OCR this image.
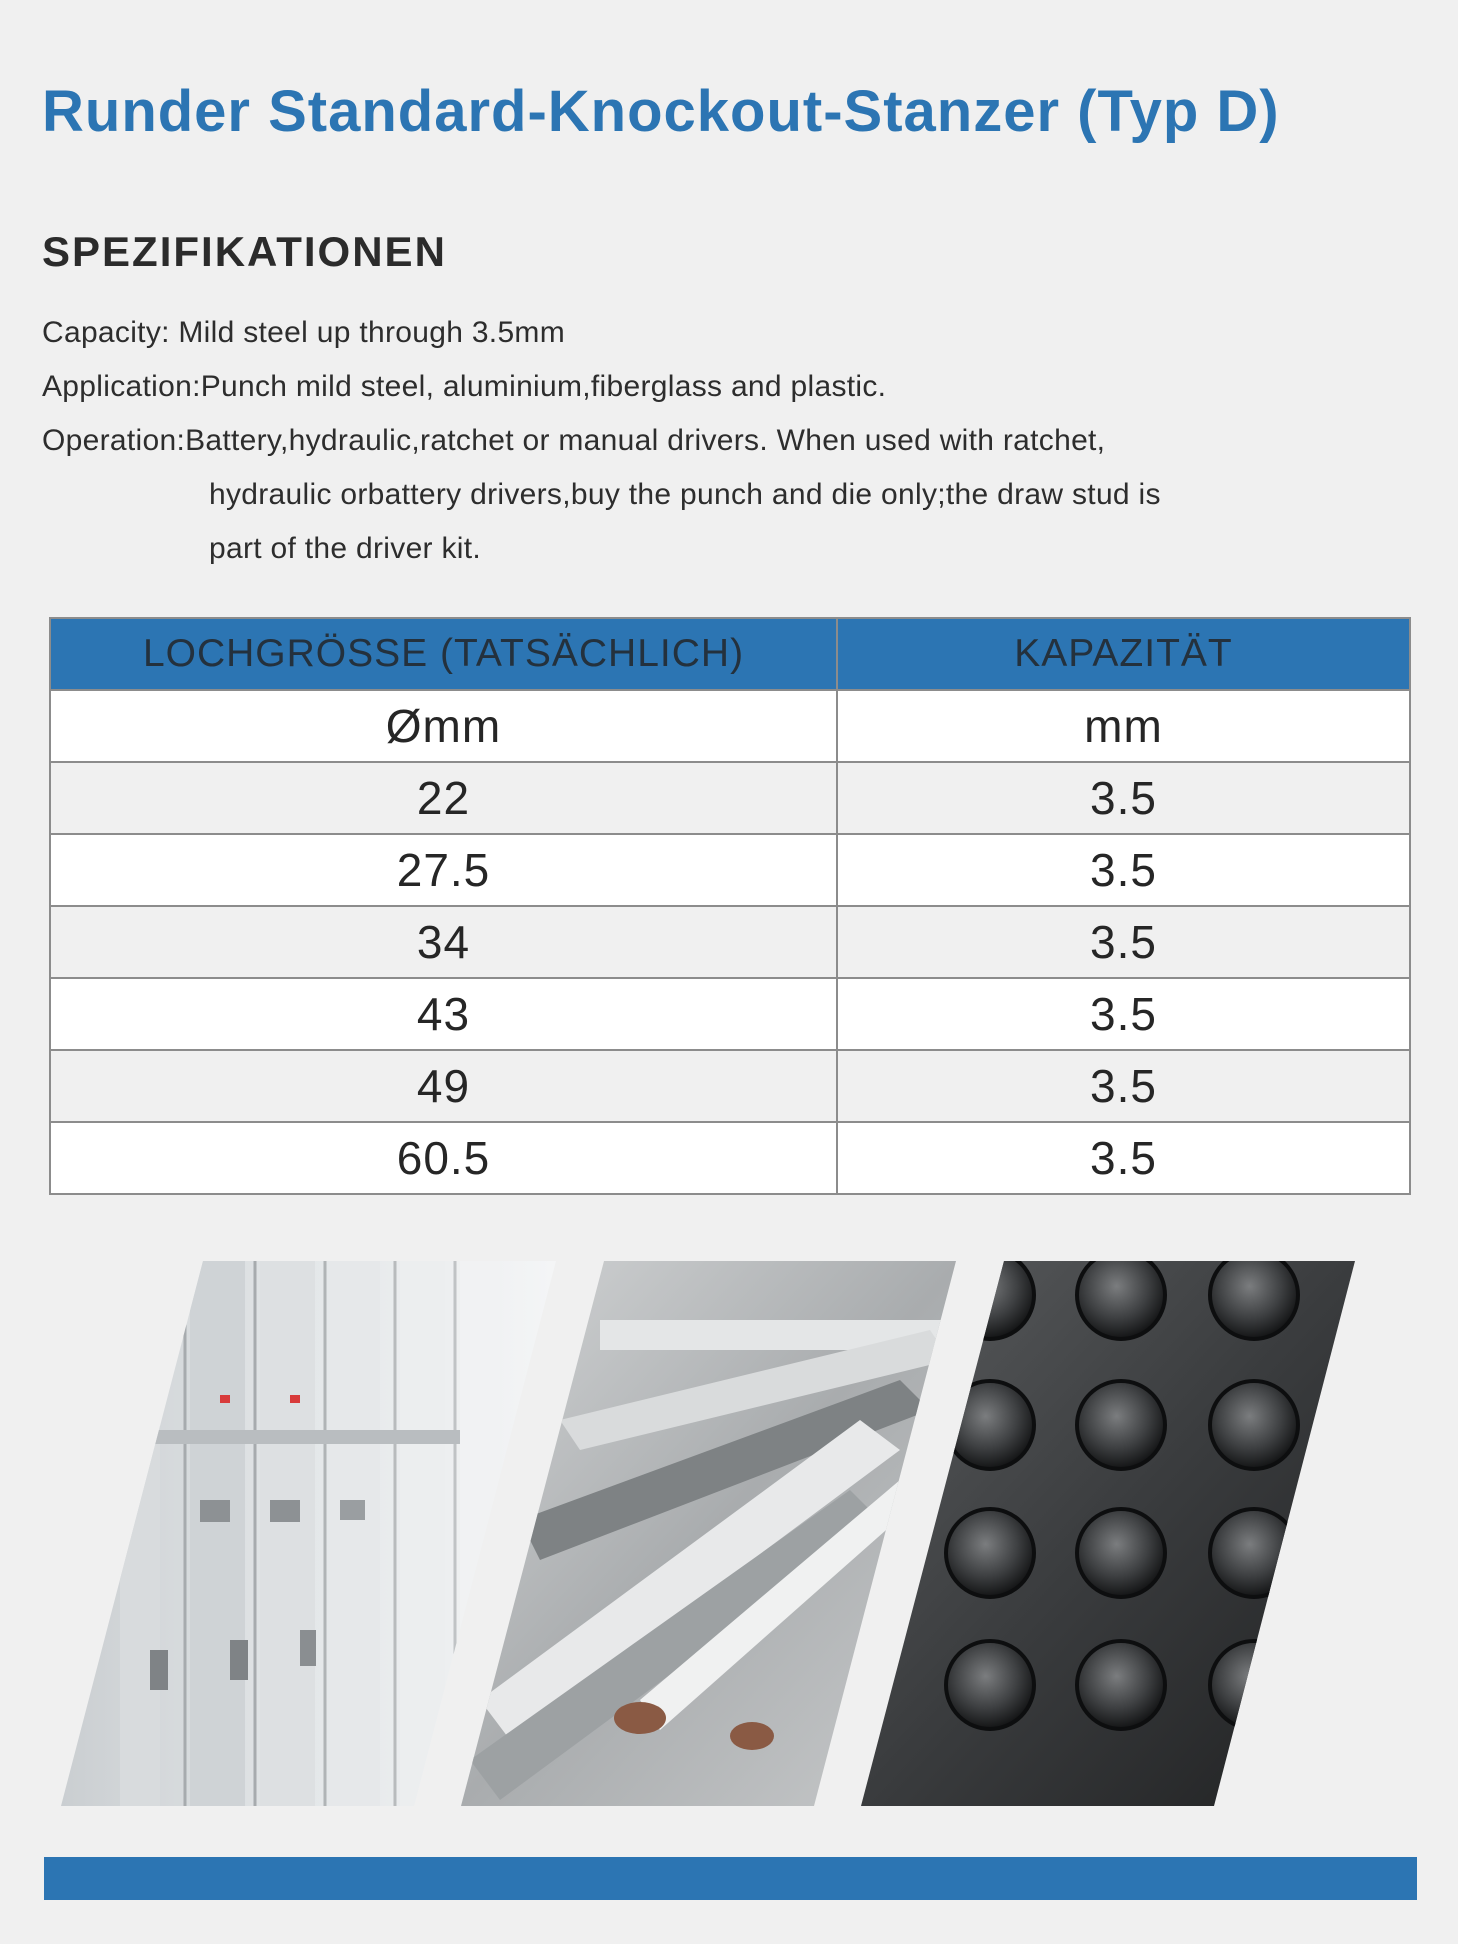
Runder Standard-Knockout-Stanzer (Typ D)
SPEZIFIKATIONEN
Capacity: Mild steel up through 3.5mm
Application:Punch mild steel, aluminium,fiberglass and plastic.
Operation:Battery,hydraulic,ratchet or manual drivers. When used with ratchet,
hydraulic orbattery drivers,buy the punch and die only;the draw stud is
part of the driver kit.
LOCHGRÖSSE (TATSÄCHLICH)	KAPAZITÄT
Ømm	mm
22	3.5
27.5	3.5
34	3.5
43	3.5
49	3.5
60.5	3.5
